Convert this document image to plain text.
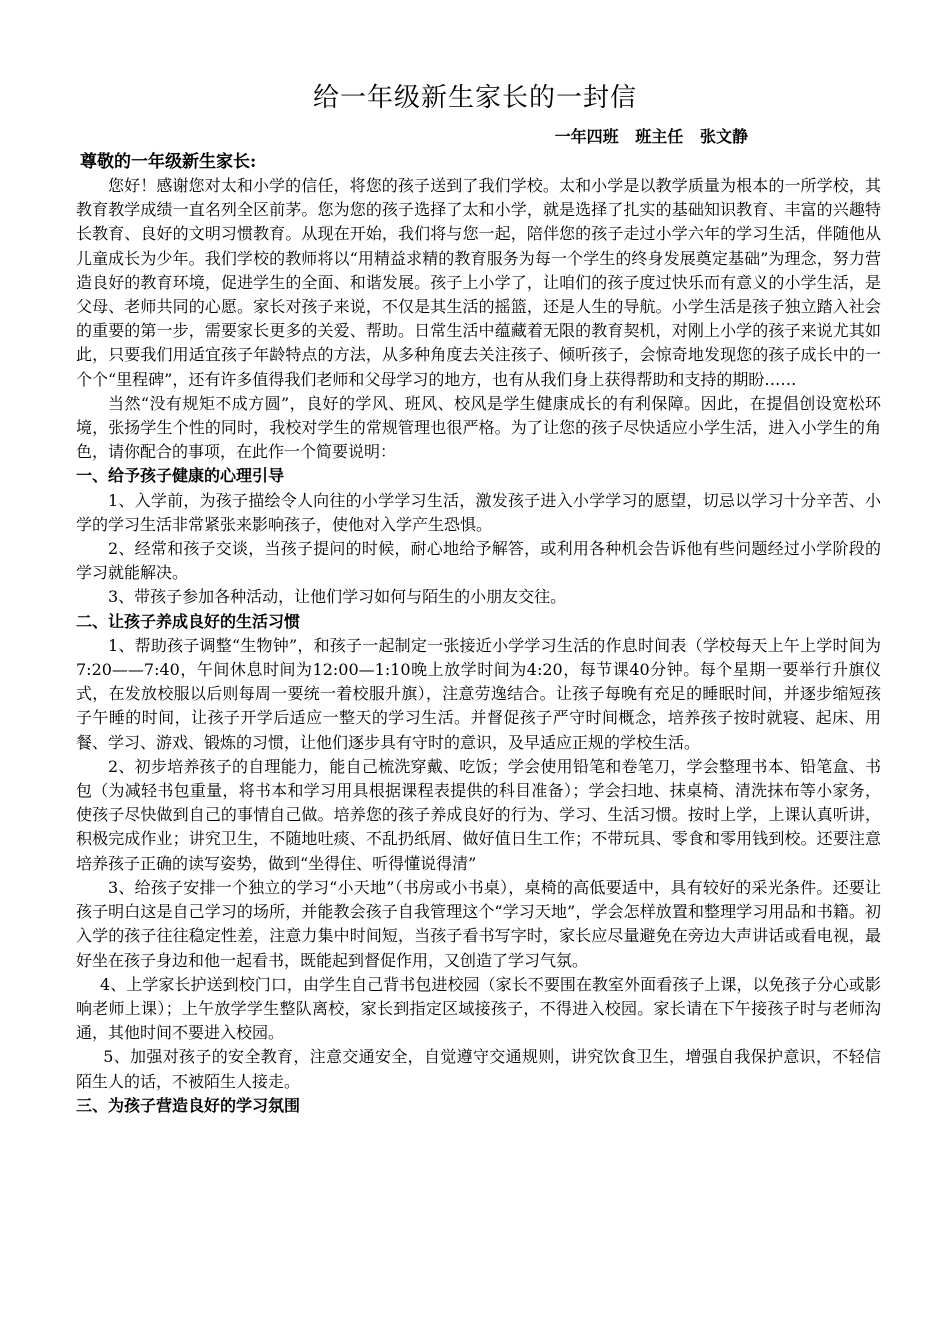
给一年级新生家长的一封信
一年四班   班主任   张文静
尊敬的一年级新生家长:

您好！感谢您对太和小学的信任，将您的孩子送到了我们学校。太和小学是以教学质量为根本的一所学校，其教育教学成绩一直名列全区前茅。您为您的孩子选择了太和小学，就是选择了扎实的基础知识教育、丰富的兴趣特长教育、良好的文明习惯教育。从现在开始，我们将与您一起，陪伴您的孩子走过小学六年的学习生活，伴随他从儿童成长为少年。我们学校的教师将以“用精益求精的教育服务为每一个学生的终身发展奠定基础”为理念，努力营造良好的教育环境，促进学生的全面、和谐发展。孩子上小学了，让咱们的孩子度过快乐而有意义的小学生活，是父母、老师共同的心愿。家长对孩子来说，不仅是其生活的摇篮，还是人生的导航。小学生活是孩子独立踏入社会的重要的第一步，需要家长更多的关爱、帮助。日常生活中蕴藏着无限的教育契机，对刚上小学的孩子来说尤其如此，只要我们用适宜孩子年龄特点的方法，从多种角度去关注孩子、倾听孩子，会惊奇地发现您的孩子成长中的一个个“里程碑”，还有许多值得我们老师和父母学习的地方，也有从我们身上获得帮助和支持的期盼……

当然“没有规矩不成方圆”，良好的学风、班风、校风是学生健康成长的有利保障。因此，在提倡创设宽松环境，张扬学生个性的同时，我校对学生的常规管理也很严格。为了让您的孩子尽快适应小学生活，进入小学生的角色，请你配合的事项，在此作一个简要说明：

一、给予孩子健康的心理引导

1、入学前，为孩子描绘令人向往的小学学习生活，激发孩子进入小学学习的愿望，切忌以学习十分辛苦、小学的学习生活非常紧张来影响孩子，使他对入学产生恐惧。

2、经常和孩子交谈，当孩子提问的时候，耐心地给予解答，或利用各种机会告诉他有些问题经过小学阶段的学习就能解决。

3、带孩子参加各种活动，让他们学习如何与陌生的小朋友交往。

二、让孩子养成良好的生活习惯

1、帮助孩子调整“生物钟”，和孩子一起制定一张接近小学学习生活的作息时间表（学校每天上午上学时间为7:20——7:40，午间休息时间为12:00—1:10晚上放学时间为4:20，每节课40分钟。每个星期一要举行升旗仪式，在发放校服以后则每周一要统一着校服升旗），注意劳逸结合。让孩子每晚有充足的睡眠时间，并逐步缩短孩子午睡的时间，让孩子开学后适应一整天的学习生活。并督促孩子严守时间概念，培养孩子按时就寝、起床、用餐、学习、游戏、锻炼的习惯，让他们逐步具有守时的意识，及早适应正规的学校生活。

2、初步培养孩子的自理能力，能自己梳洗穿戴、吃饭；学会使用铅笔和卷笔刀，学会整理书本、铅笔盒、书包（为减轻书包重量，将书本和学习用具根据课程表提供的科目准备）；学会扫地、抹桌椅、清洗抹布等小家务，使孩子尽快做到自己的事情自己做。培养您的孩子养成良好的行为、学习、生活习惯。按时上学，上课认真听讲，积极完成作业；讲究卫生，不随地吐痰、不乱扔纸屑、做好值日生工作；不带玩具、零食和零用钱到校。还要注意培养孩子正确的读写姿势，做到“坐得住、听得懂说得清”

3、给孩子安排一个独立的学习“小天地”（书房或小书桌），桌椅的高低要适中，具有较好的采光条件。还要让孩子明白这是自己学习的场所，并能教会孩子自我管理这个“学习天地”，学会怎样放置和整理学习用品和书籍。初入学的孩子往往稳定性差，注意力集中时间短，当孩子看书写字时，家长应尽量避免在旁边大声讲话或看电视，最好坐在孩子身边和他一起看书，既能起到督促作用，又创造了学习气氛。

4、上学家长护送到校门口，由学生自己背书包进校园（家长不要围在教室外面看孩子上课，以免孩子分心或影响老师上课）；上午放学学生整队离校，家长到指定区域接孩子，不得进入校园。家长请在下午接孩子时与老师沟通，其他时间不要进入校园。

5、加强对孩子的安全教育，注意交通安全，自觉遵守交通规则，讲究饮食卫生，增强自我保护意识，不轻信陌生人的话，不被陌生人接走。

三、为孩子营造良好的学习氛围
